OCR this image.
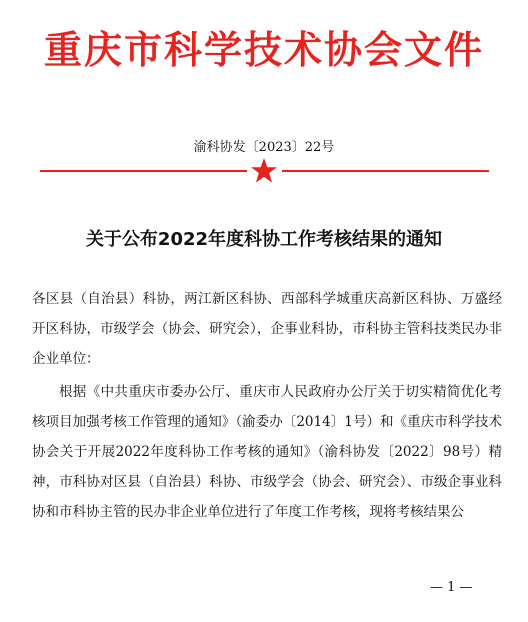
重庆市科学技术协会文件
渝科协发〔2023〕22号
关于公布2022年度科协工作考核结果的通知
各区县（自治县）科协，两江新区科协、西部科学城重庆高新区科协、万盛经开区科协，市级学会（协会、研究会），企事业科协，市科协主管科技类民办非企业单位：
根据《中共重庆市委办公厅、重庆市人民政府办公厅关于切实精简优化考核项目加强考核工作管理的通知》（渝委办〔2014〕1号）和《重庆市科学技术协会关于开展2022年度科协工作考核的通知》（渝科协发〔2022〕98号）精神，市科协对区县（自治县）科协、市级学会（协会、研究会）、市级企事业科协和市科协主管的民办非企业单位进行了年度工作考核，现将考核结果公
— 1 —
